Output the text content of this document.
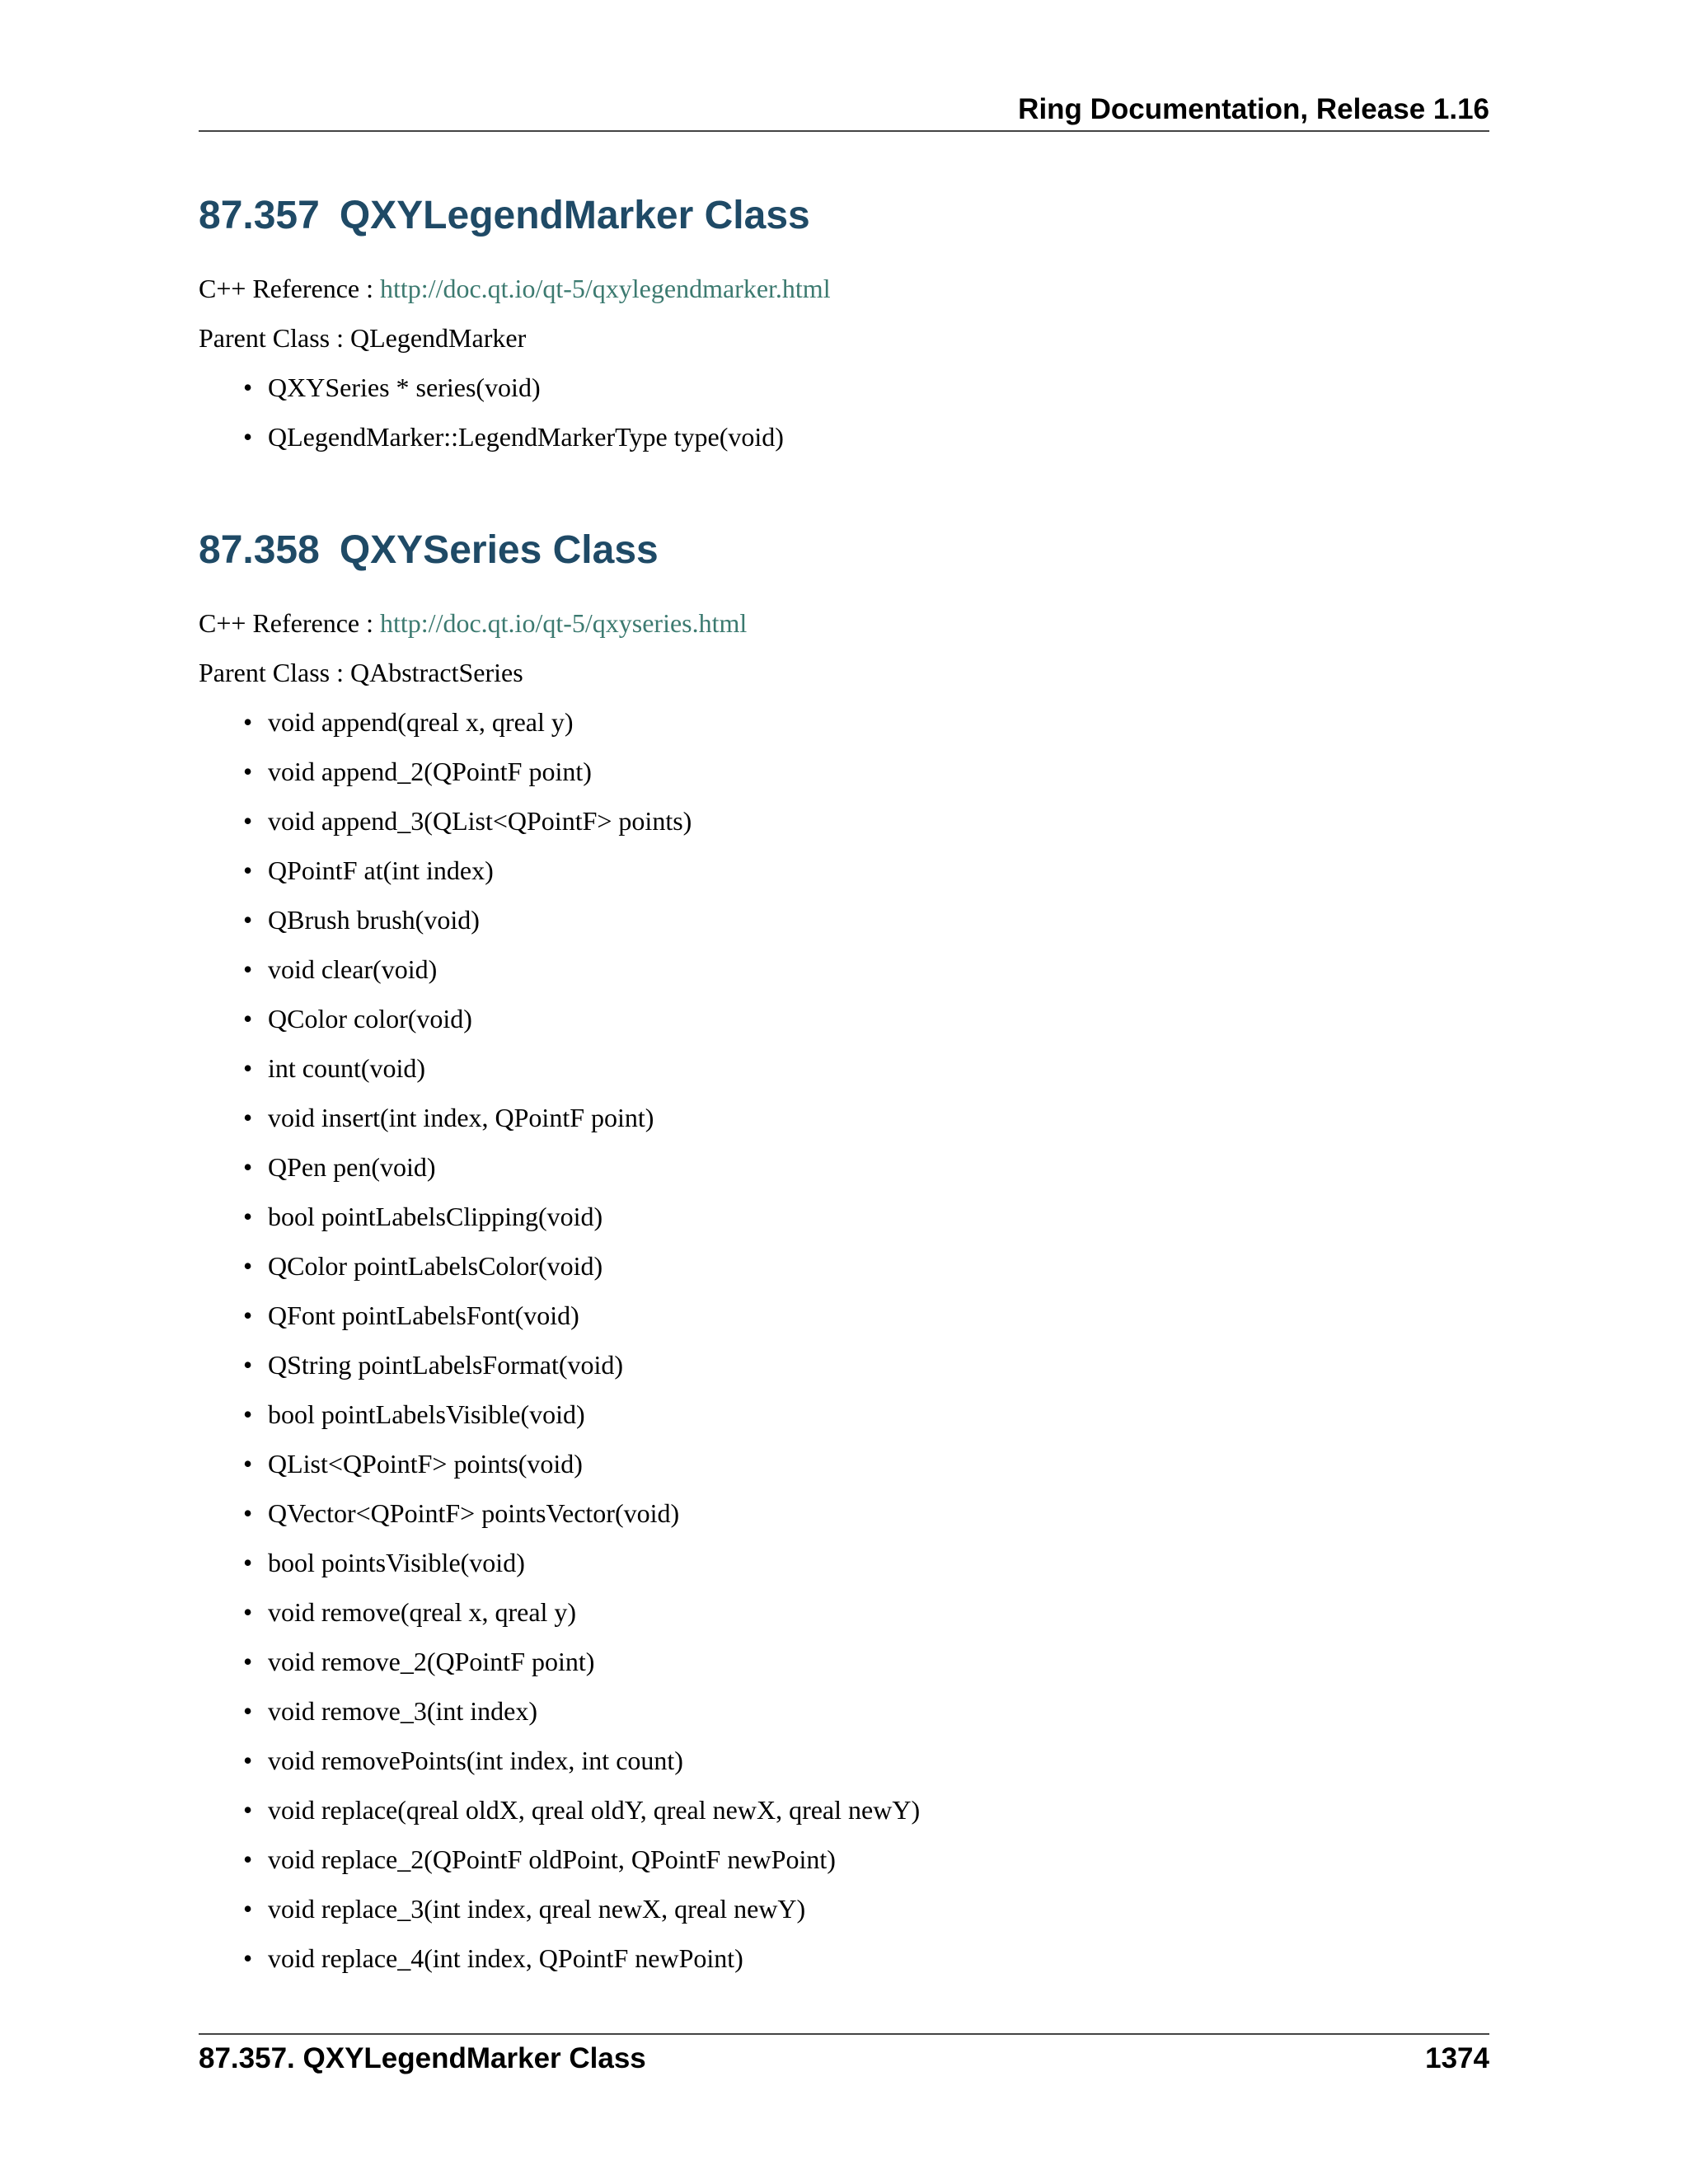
Ring Documentation, Release 1.16
87.357 QXYLegendMarker Class
C++ Reference : http://doc.qt.io/qt-5/qxylegendmarker.html
Parent Class : QLegendMarker
• QXYSeries * series(void)
• QLegendMarker::LegendMarkerType type(void)
87.358 QXYSeries Class
C++ Reference : http://doc.qt.io/qt-5/qxyseries.html
Parent Class : QAbstractSeries
• void append(qreal x, qreal y)
• void append_2(QPointF point)
• void append_3(QList<QPointF> points)
• QPointF at(int index)
• QBrush brush(void)
• void clear(void)
• QColor color(void)
• int count(void)
• void insert(int index, QPointF point)
• QPen pen(void)
• bool pointLabelsClipping(void)
• QColor pointLabelsColor(void)
• QFont pointLabelsFont(void)
• QString pointLabelsFormat(void)
• bool pointLabelsVisible(void)
• QList<QPointF> points(void)
• QVector<QPointF> pointsVector(void)
• bool pointsVisible(void)
• void remove(qreal x, qreal y)
• void remove_2(QPointF point)
• void remove_3(int index)
• void removePoints(int index, int count)
• void replace(qreal oldX, qreal oldY, qreal newX, qreal newY)
• void replace_2(QPointF oldPoint, QPointF newPoint)
• void replace_3(int index, qreal newX, qreal newY)
• void replace_4(int index, QPointF newPoint)
87.357. QXYLegendMarker Class	1374
